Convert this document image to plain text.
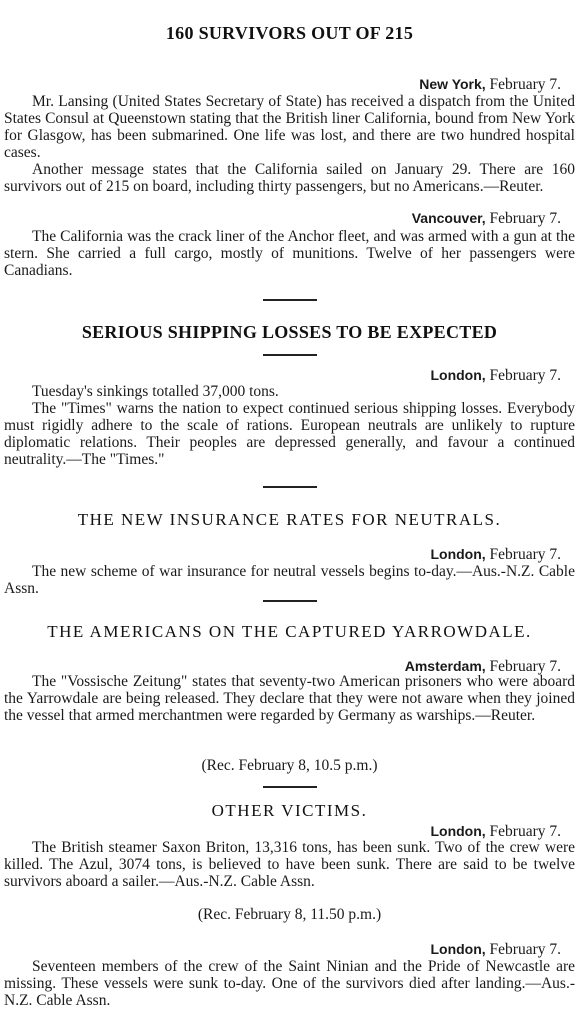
160 SURVIVORS OUT OF 215
New York, February 7.

Mr. Lansing (United States Secretary of State) has received a dispatch from the United States Consul at Queenstown stating that the British liner California, bound from New York for Glasgow, has been submarined. One life was lost, and there are two hundred hospital cases.

Another message states that the California sailed on January 29. There are 160 survivors out of 215 on board, including thirty passengers, but no Americans.—Reuter.

Vancouver, February 7.

The California was the crack liner of the Anchor fleet, and was armed with a gun at the stern. She carried a full cargo, mostly of munitions. Twelve of her passengers were Canadians.

SERIOUS SHIPPING LOSSES TO BE EXPECTED
London, February 7.

Tuesday's sinkings totalled 37,000 tons.

The "Times" warns the nation to expect continued serious shipping losses. Everybody must rigidly adhere to the scale of rations. European neutrals are unlikely to rupture diplomatic relations. Their peoples are depressed generally, and favour a continued neutrality.—The "Times."

THE NEW INSURANCE RATES FOR NEUTRALS.
London, February 7.

The new scheme of war insurance for neutral vessels begins to-day.—Aus.-N.Z. Cable Assn.

THE AMERICANS ON THE CAPTURED YARROWDALE.
Amsterdam, February 7.

The "Vossische Zeitung" states that seventy-two American prisoners who were aboard the Yarrowdale are being released. They declare that they were not aware when they joined the vessel that armed merchantmen were regarded by Germany as warships.—Reuter.

(Rec. February 8, 10.5 p.m.)
OTHER VICTIMS.
London, February 7.

The British steamer Saxon Briton, 13,316 tons, has been sunk. Two of the crew were killed. The Azul, 3074 tons, is believed to have been sunk. There are said to be twelve survivors aboard a sailer.—Aus.-N.Z. Cable Assn.

(Rec. February 8, 11.50 p.m.)
London, February 7.

Seventeen members of the crew of the Saint Ninian and the Pride of Newcastle are missing. These vessels were sunk to-day. One of the survivors died after landing.—Aus.-N.Z. Cable Assn.
